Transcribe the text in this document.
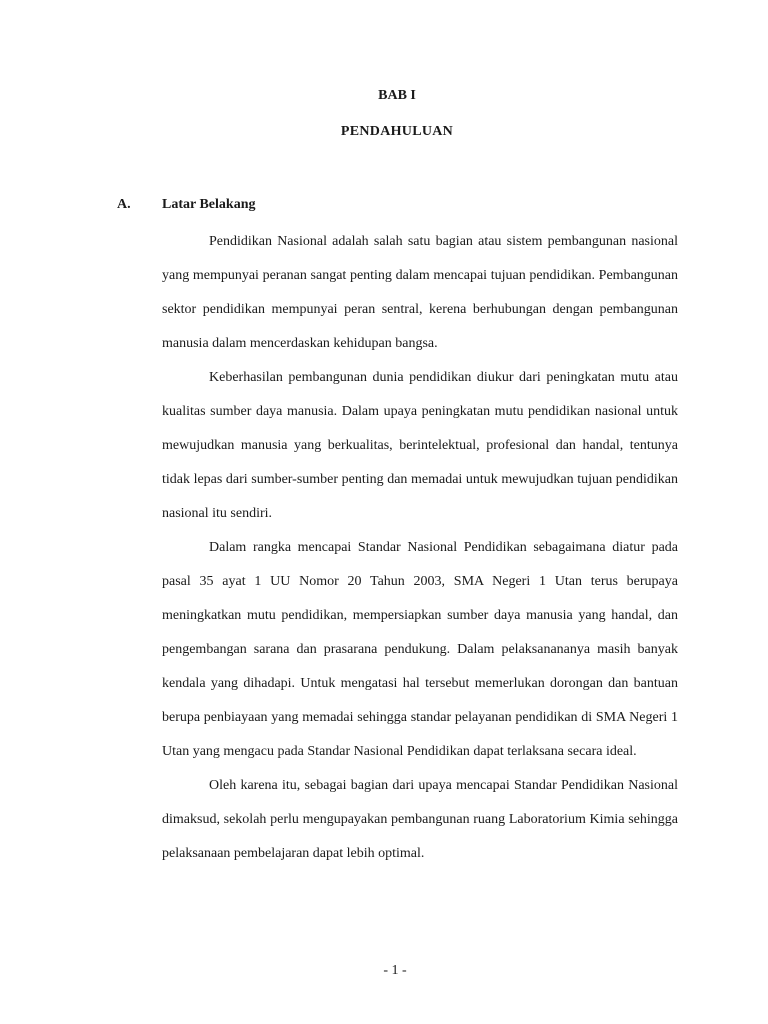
BAB I
PENDAHULUAN
A. Latar Belakang

Pendidikan Nasional adalah salah satu bagian atau sistem pembangunan nasional yang mempunyai peranan sangat penting dalam mencapai tujuan pendidikan. Pembangunan sektor pendidikan mempunyai peran sentral, kerena berhubungan dengan pembangunan manusia dalam mencerdaskan kehidupan bangsa.

Keberhasilan pembangunan dunia pendidikan diukur dari peningkatan mutu atau kualitas sumber daya manusia. Dalam upaya peningkatan mutu pendidikan nasional untuk mewujudkan manusia yang berkualitas, berintelektual, profesional dan handal, tentunya tidak lepas dari sumber-sumber penting dan memadai untuk mewujudkan tujuan pendidikan nasional itu sendiri.

Dalam rangka mencapai Standar Nasional Pendidikan sebagaimana diatur pada pasal 35 ayat 1 UU Nomor 20 Tahun 2003, SMA Negeri 1 Utan terus berupaya meningkatkan mutu pendidikan, mempersiapkan sumber daya manusia yang handal, dan pengembangan sarana dan prasarana pendukung. Dalam pelaksanananya masih banyak kendala yang dihadapi. Untuk mengatasi hal tersebut memerlukan dorongan dan bantuan berupa penbiayaan yang memadai sehingga standar pelayanan pendidikan di SMA Negeri 1 Utan yang mengacu pada Standar Nasional Pendidikan dapat terlaksana secara ideal.

Oleh karena itu, sebagai bagian dari upaya mencapai Standar Pendidikan Nasional dimaksud, sekolah perlu mengupayakan pembangunan ruang Laboratorium Kimia sehingga pelaksanaan pembelajaran dapat lebih optimal.

- 1 -
